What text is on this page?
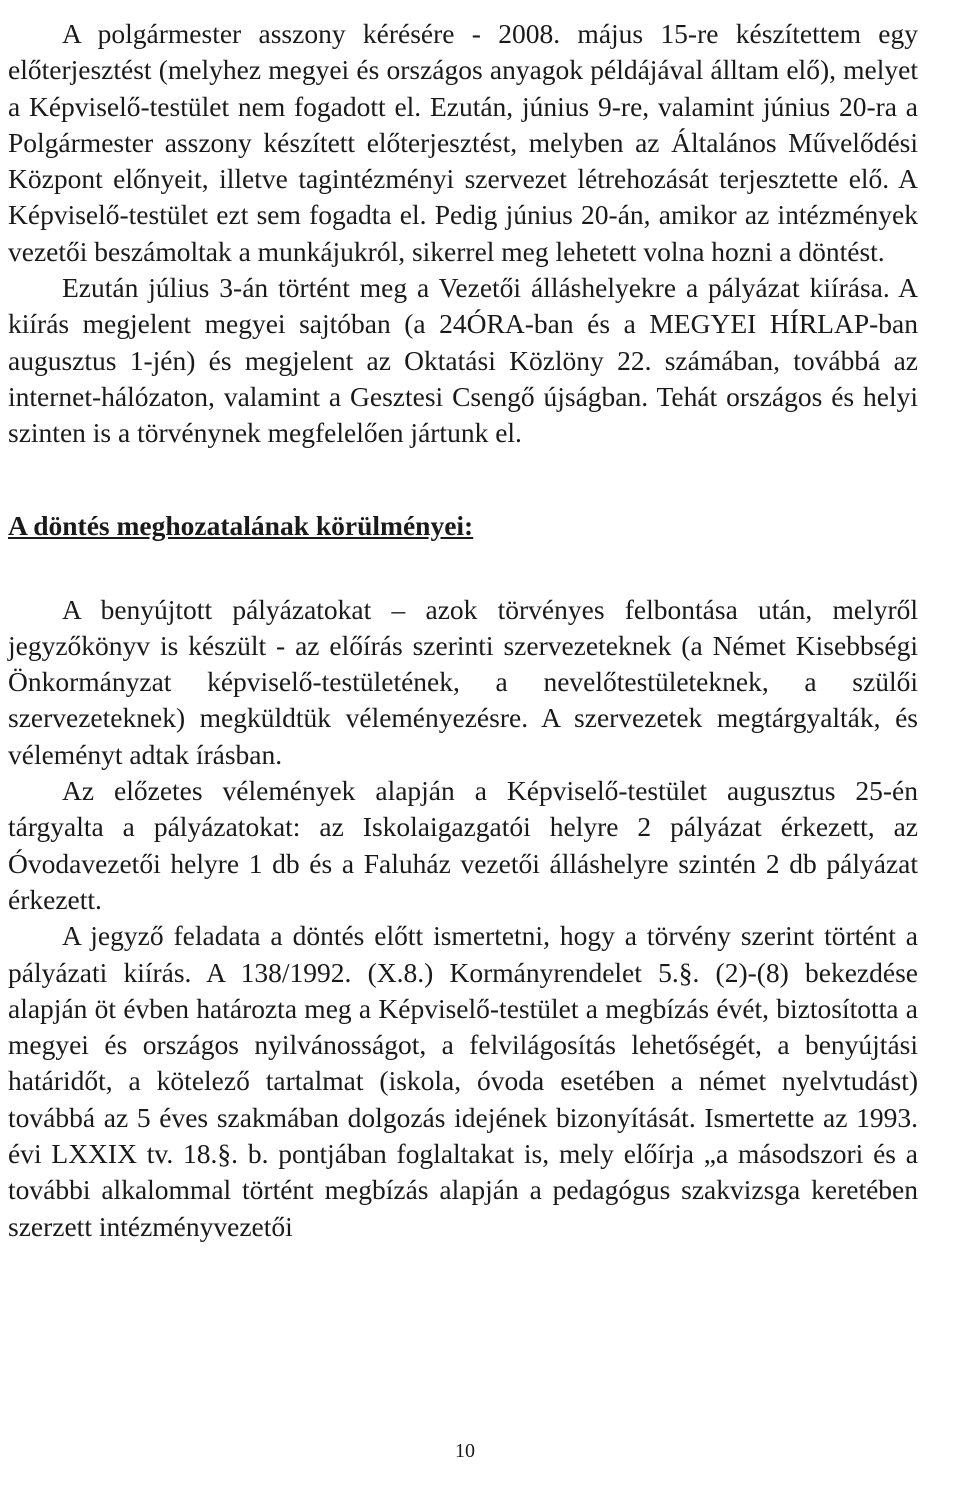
A polgármester asszony kérésére - 2008. május 15-re készítettem egy előterjesztést (melyhez megyei és országos anyagok példájával álltam elő), melyet a Képviselő-testület nem fogadott el. Ezután, június 9-re, valamint június 20-ra a Polgármester asszony készített előterjesztést, melyben az Általános Művelődési Központ előnyeit, illetve tagintézményi szervezet létrehozását terjesztette elő. A Képviselő-testület ezt sem fogadta el. Pedig június 20-án, amikor az intézmények vezetői beszámoltak a munkájukról, sikerrel meg lehetett volna hozni a döntést.

Ezután július 3-án történt meg a Vezetői álláshelyekre a pályázat kiírása. A kiírás megjelent megyei sajtóban (a 24ÓRA-ban és a MEGYEI HÍRLAP-ban augusztus 1-jén) és megjelent az Oktatási Közlöny 22. számában, továbbá az internet-hálózaton, valamint a Gesztesi Csengő újságban. Tehát országos és helyi szinten is a törvénynek megfelelően jártunk el.

A döntés meghozatalának körülményei:

A benyújtott pályázatokat – azok törvényes felbontása után, melyről jegyzőkönyv is készült - az előírás szerinti szervezeteknek (a Német Kisebbségi Önkormányzat képviselő-testületének, a nevelőtestületeknek, a szülői szervezeteknek) megküldtük véleményezésre. A szervezetek megtárgyalták, és véleményt adtak írásban.

Az előzetes vélemények alapján a Képviselő-testület augusztus 25-én tárgyalta a pályázatokat: az Iskolaigazgatói helyre 2 pályázat érkezett, az Óvodavezetői helyre 1 db és a Faluház vezetői álláshelyre szintén 2 db pályázat érkezett.

A jegyző feladata a döntés előtt ismertetni, hogy a törvény szerint történt a pályázati kiírás. A 138/1992. (X.8.) Kormányrendelet 5.§. (2)-(8) bekezdése alapján öt évben határozta meg a Képviselő-testület a megbízás évét, biztosította a megyei és országos nyilvánosságot, a felvilágosítás lehetőségét, a benyújtási határidőt, a kötelező tartalmat (iskola, óvoda esetében a német nyelvtudást) továbbá az 5 éves szakmában dolgozás idejének bizonyítását. Ismertette az 1993. évi LXXIX tv. 18.§. b. pontjában foglaltakat is, mely előírja „a másodszori és a további alkalommal történt megbízás alapján a pedagógus szakvizsga keretében szerzett intézményvezetői

10
